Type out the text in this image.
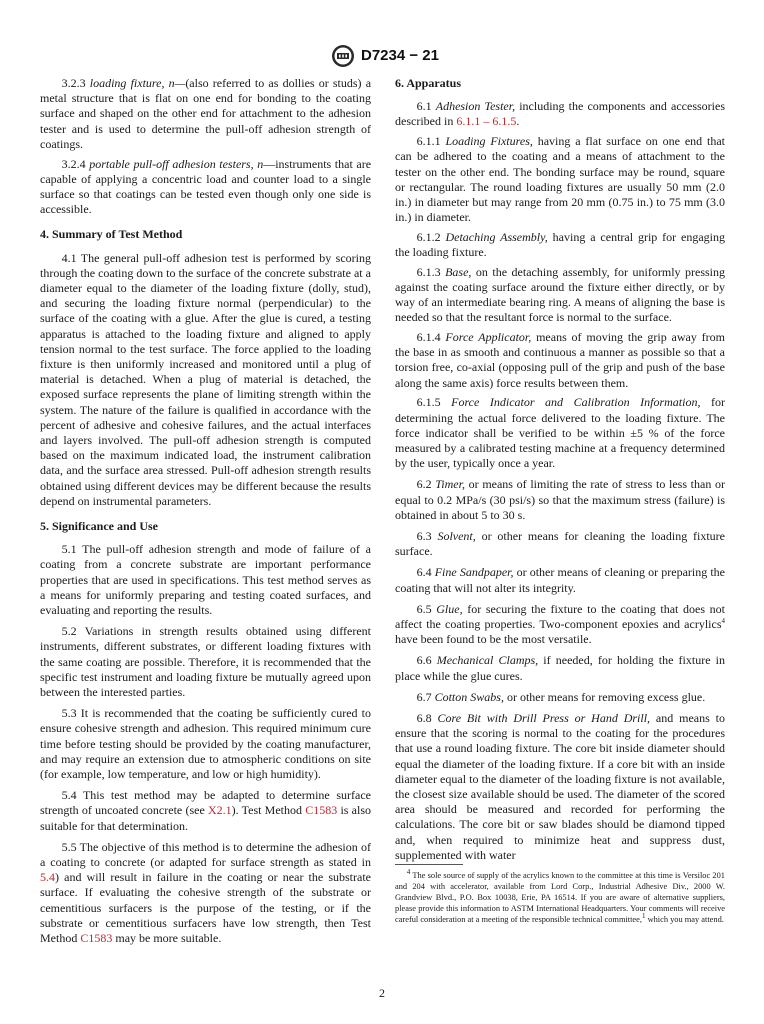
D7234 − 21

3.2.3 loading fixture, n—(also referred to as dollies or studs) a metal structure that is flat on one end for bonding to the coating surface and shaped on the other end for attachment to the adhesion tester and is used to determine the pull-off adhesion strength of coatings.

3.2.4 portable pull-off adhesion testers, n—instruments that are capable of applying a concentric load and counter load to a single surface so that coatings can be tested even though only one side is accessible.

4. Summary of Test Method

4.1 The general pull-off adhesion test is performed by scoring through the coating down to the surface of the concrete substrate at a diameter equal to the diameter of the loading fixture (dolly, stud), and securing the loading fixture normal (perpendicular) to the surface of the coating with a glue. After the glue is cured, a testing apparatus is attached to the loading fixture and aligned to apply tension normal to the test surface. The force applied to the loading fixture is then uniformly increased and monitored until a plug of material is detached. When a plug of material is detached, the exposed surface represents the plane of limiting strength within the system. The nature of the failure is qualified in accordance with the percent of adhesive and cohesive failures, and the actual interfaces and layers involved. The pull-off adhesion strength is computed based on the maximum indicated load, the instrument calibration data, and the surface area stressed. Pull-off adhesion strength results obtained using different devices may be different because the results depend on instrumental parameters.

5. Significance and Use

5.1 The pull-off adhesion strength and mode of failure of a coating from a concrete substrate are important performance properties that are used in specifications. This test method serves as a means for uniformly preparing and testing coated surfaces, and evaluating and reporting the results.

5.2 Variations in strength results obtained using different instruments, different substrates, or different loading fixtures with the same coating are possible. Therefore, it is recommended that the specific test instrument and loading fixture be mutually agreed upon between the interested parties.

5.3 It is recommended that the coating be sufficiently cured to ensure cohesive strength and adhesion. This required minimum cure time before testing should be provided by the coating manufacturer, and may require an extension due to atmospheric conditions on site (for example, low temperature, and low or high humidity).

5.4 This test method may be adapted to determine surface strength of uncoated concrete (see X2.1). Test Method C1583 is also suitable for that determination.

5.5 The objective of this method is to determine the adhesion of a coating to concrete (or adapted for surface strength as stated in 5.4) and will result in failure in the coating or near the substrate surface. If evaluating the cohesive strength of the substrate or cementitious surfacers is the purpose of the testing, or if the substrate or cementitious surfacers have low strength, then Test Method C1583 may be more suitable.

6. Apparatus

6.1 Adhesion Tester, including the components and accessories described in 6.1.1 – 6.1.5.

6.1.1 Loading Fixtures, having a flat surface on one end that can be adhered to the coating and a means of attachment to the tester on the other end. The bonding surface may be round, square or rectangular. The round loading fixtures are usually 50 mm (2.0 in.) in diameter but may range from 20 mm (0.75 in.) to 75 mm (3.0 in.) in diameter.

6.1.2 Detaching Assembly, having a central grip for engaging the loading fixture.

6.1.3 Base, on the detaching assembly, for uniformly pressing against the coating surface around the fixture either directly, or by way of an intermediate bearing ring. A means of aligning the base is needed so that the resultant force is normal to the surface.

6.1.4 Force Applicator, means of moving the grip away from the base in as smooth and continuous a manner as possible so that a torsion free, co-axial (opposing pull of the grip and push of the base along the same axis) force results between them.

6.1.5 Force Indicator and Calibration Information, for determining the actual force delivered to the loading fixture. The force indicator shall be verified to be within ±5 % of the force measured by a calibrated testing machine at a frequency determined by the user, typically once a year.

6.2 Timer, or means of limiting the rate of stress to less than or equal to 0.2 MPa/s (30 psi/s) so that the maximum stress (failure) is obtained in about 5 to 30 s.

6.3 Solvent, or other means for cleaning the loading fixture surface.

6.4 Fine Sandpaper, or other means of cleaning or preparing the coating that will not alter its integrity.

6.5 Glue, for securing the fixture to the coating that does not affect the coating properties. Two-component epoxies and acrylics$^4$ have been found to be the most versatile.

6.6 Mechanical Clamps, if needed, for holding the fixture in place while the glue cures.

6.7 Cotton Swabs, or other means for removing excess glue.

6.8 Core Bit with Drill Press or Hand Drill, and means to ensure that the scoring is normal to the coating for the procedures that use a round loading fixture. The core bit inside diameter should equal the diameter of the loading fixture. If a core bit with an inside diameter equal to the diameter of the loading fixture is not available, the closest size available should be used. The diameter of the scored area should be measured and recorded for performing the calculations. The core bit or saw blades should be diamond tipped and, when required to minimize heat and suppress dust, supplemented with water

$^4$ The sole source of supply of the acrylics known to the committee at this time is Versiloc 201 and 204 with accelerator, available from Lord Corp., Industrial Adhesive Div., 2000 W. Grandview Blvd., P.O. Box 10038, Erie, PA 16514. If you are aware of alternative suppliers, please provide this information to ASTM International Headquarters. Your comments will receive careful consideration at a meeting of the responsible technical committee,$^1$ which you may attend.

2
